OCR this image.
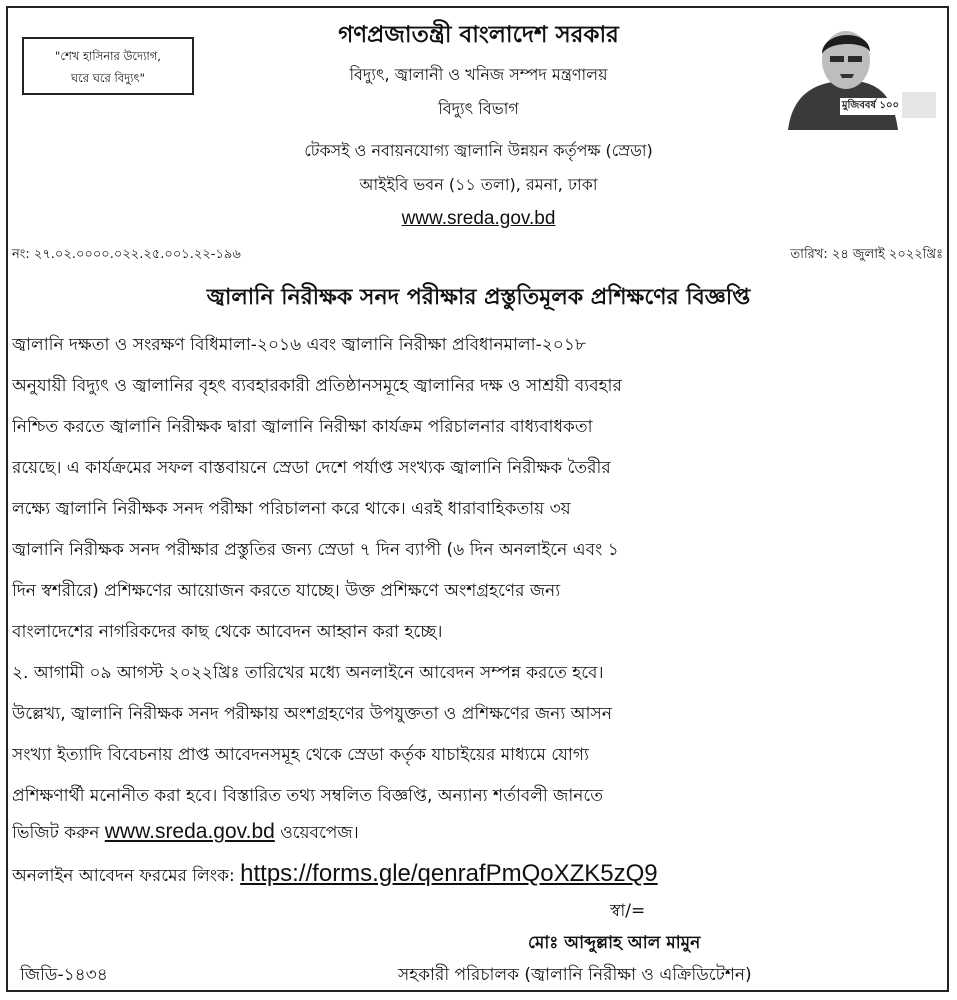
"শেখ হাসিনার উদ্যোগ,
ঘরে ঘরে বিদ্যুৎ"
মুজিববর্ষ ১০০
গণপ্রজাতন্ত্রী বাংলাদেশ সরকার
বিদ্যুৎ, জ্বালানী ও খনিজ সম্পদ মন্ত্রণালয়
বিদ্যুৎ বিভাগ
টেকসই ও নবায়নযোগ্য জ্বালানি উন্নয়ন কর্তৃপক্ষ (স্রেডা)
আইইবি ভবন (১১ তলা), রমনা, ঢাকা
www.sreda.gov.bd
নং: ২৭.০২.০০০০.০২২.২৫.০০১.২২-১৯৬	তারিখ: ২৪ জুলাই ২০২২খ্রিঃ
জ্বালানি নিরীক্ষক সনদ পরীক্ষার প্রস্তুতিমূলক প্রশিক্ষণের বিজ্ঞপ্তি
জ্বালানি দক্ষতা ও সংরক্ষণ বিধিমালা-২০১৬ এবং জ্বালানি নিরীক্ষা প্রবিধানমালা-২০১৮
অনুযায়ী বিদ্যুৎ ও জ্বালানির বৃহৎ ব্যবহারকারী প্রতিষ্ঠানসমূহে জ্বালানির দক্ষ ও সাশ্রয়ী ব্যবহার
নিশ্চিত করতে জ্বালানি নিরীক্ষক দ্বারা জ্বালানি নিরীক্ষা কার্যক্রম পরিচালনার বাধ্যবাধকতা
রয়েছে। এ কার্যক্রমের সফল বাস্তবায়নে স্রেডা দেশে পর্যাপ্ত সংখ্যক জ্বালানি নিরীক্ষক তৈরীর
লক্ষ্যে জ্বালানি নিরীক্ষক সনদ পরীক্ষা পরিচালনা করে থাকে। এরই ধারাবাহিকতায় ৩য়
জ্বালানি নিরীক্ষক সনদ পরীক্ষার প্রস্তুতির জন্য স্রেডা ৭ দিন ব্যাপী (৬ দিন অনলাইনে এবং ১
দিন স্বশরীরে) প্রশিক্ষণের আয়োজন করতে যাচ্ছে। উক্ত প্রশিক্ষণে অংশগ্রহণের জন্য
বাংলাদেশের নাগরিকদের কাছ থেকে আবেদন আহ্বান করা হচ্ছে।
২. আগামী ০৯ আগস্ট ২০২২খ্রিঃ তারিখের মধ্যে অনলাইনে আবেদন সম্পন্ন করতে হবে।
উল্লেখ্য, জ্বালানি নিরীক্ষক সনদ পরীক্ষায় অংশগ্রহণের উপযুক্ততা ও প্রশিক্ষণের জন্য আসন
সংখ্যা ইত্যাদি বিবেচনায় প্রাপ্ত আবেদনসমূহ থেকে স্রেডা কর্তৃক যাচাইয়ের মাধ্যমে যোগ্য
প্রশিক্ষণার্থী মনোনীত করা হবে। বিস্তারিত তথ্য সম্বলিত বিজ্ঞপ্তি, অন্যান্য শর্তাবলী জানতে
ভিজিট করুন www.sreda.gov.bd ওয়েবপেজ।
অনলাইন আবেদন ফরমের লিংক: https://forms.gle/qenrafPmQoXZK5zQ9
স্বা/=
মোঃ আব্দুল্লাহ আল মামুন
সহকারী পরিচালক (জ্বালানি নিরীক্ষা ও এক্রিডিটেশন)
জিডি-১৪৩৪
